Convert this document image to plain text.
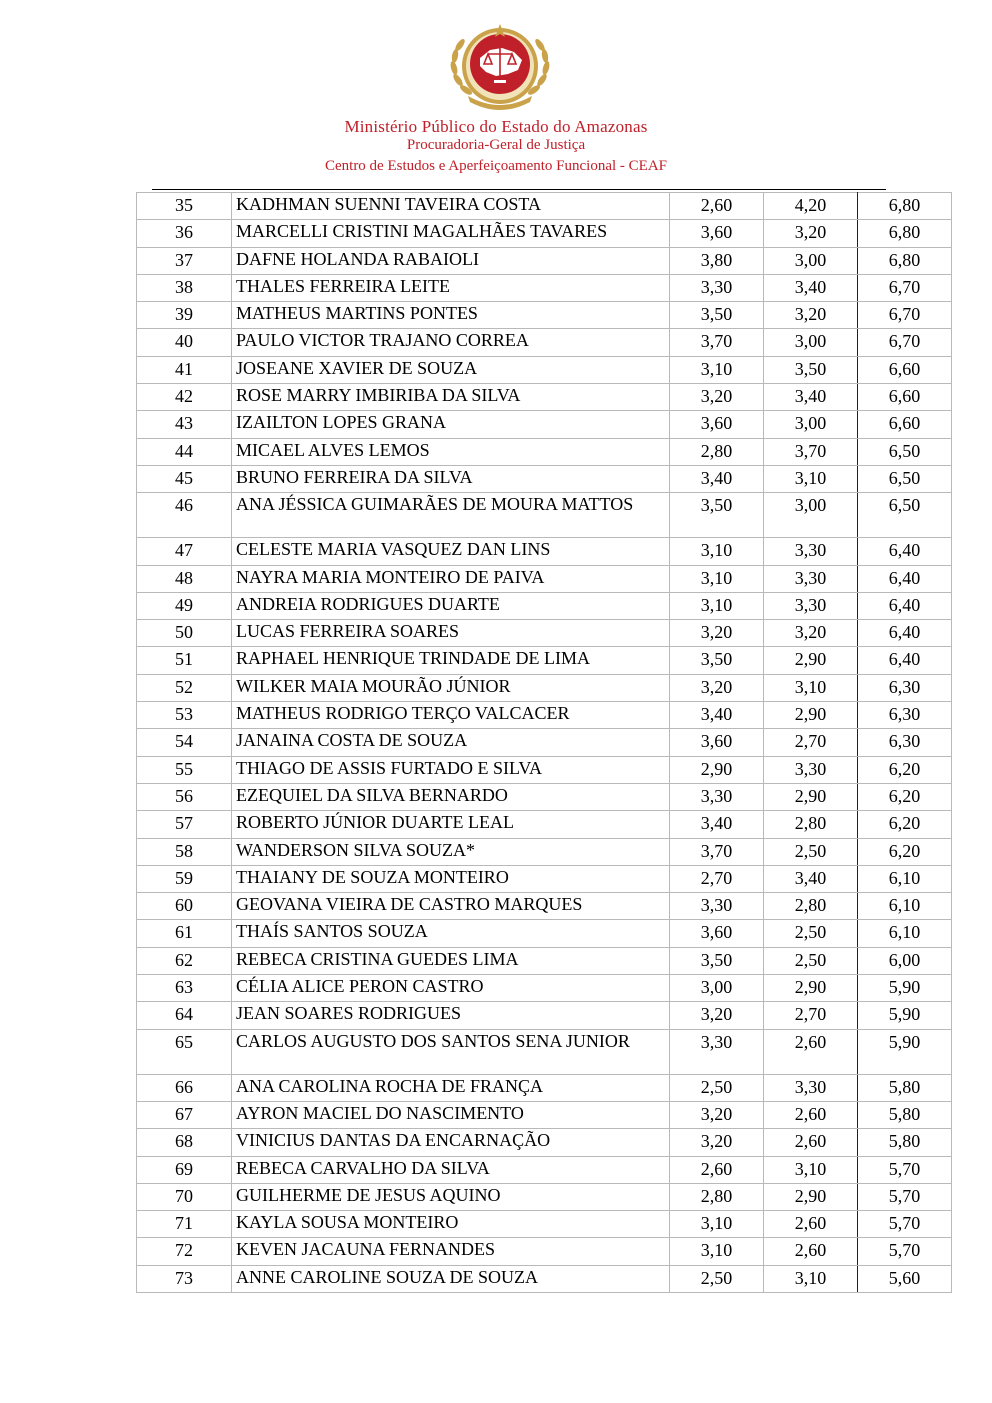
Ministério Público do Estado do Amazonas
Procuradoria-Geral de Justiça
Centro de Estudos e Aperfeiçoamento Funcional - CEAF
35	KADHMAN SUENNI TAVEIRA COSTA	2,60	4,20	6,80
36	MARCELLI CRISTINI MAGALHÃES TAVARES	3,60	3,20	6,80
37	DAFNE HOLANDA RABAIOLI	3,80	3,00	6,80
38	THALES FERREIRA LEITE	3,30	3,40	6,70
39	MATHEUS MARTINS PONTES	3,50	3,20	6,70
40	PAULO VICTOR TRAJANO CORREA	3,70	3,00	6,70
41	JOSEANE XAVIER DE SOUZA	3,10	3,50	6,60
42	ROSE MARRY IMBIRIBA DA SILVA	3,20	3,40	6,60
43	IZAILTON LOPES GRANA	3,60	3,00	6,60
44	MICAEL ALVES LEMOS	2,80	3,70	6,50
45	BRUNO FERREIRA DA SILVA	3,40	3,10	6,50
46	ANA JÉSSICA GUIMARÃES DE MOURA MATTOS	3,50	3,00	6,50
47	CELESTE MARIA VASQUEZ DAN LINS	3,10	3,30	6,40
48	NAYRA MARIA MONTEIRO DE PAIVA	3,10	3,30	6,40
49	ANDREIA RODRIGUES DUARTE	3,10	3,30	6,40
50	LUCAS FERREIRA SOARES	3,20	3,20	6,40
51	RAPHAEL HENRIQUE TRINDADE DE LIMA	3,50	2,90	6,40
52	WILKER MAIA MOURÃO JÚNIOR	3,20	3,10	6,30
53	MATHEUS RODRIGO TERÇO VALCACER	3,40	2,90	6,30
54	JANAINA COSTA DE SOUZA	3,60	2,70	6,30
55	THIAGO DE ASSIS FURTADO E SILVA	2,90	3,30	6,20
56	EZEQUIEL DA SILVA BERNARDO	3,30	2,90	6,20
57	ROBERTO JÚNIOR DUARTE LEAL	3,40	2,80	6,20
58	WANDERSON SILVA SOUZA*	3,70	2,50	6,20
59	THAIANY DE SOUZA MONTEIRO	2,70	3,40	6,10
60	GEOVANA VIEIRA DE CASTRO MARQUES	3,30	2,80	6,10
61	THAÍS SANTOS SOUZA	3,60	2,50	6,10
62	REBECA CRISTINA GUEDES LIMA	3,50	2,50	6,00
63	CÉLIA ALICE PERON CASTRO	3,00	2,90	5,90
64	JEAN SOARES RODRIGUES	3,20	2,70	5,90
65	CARLOS AUGUSTO DOS SANTOS SENA JUNIOR	3,30	2,60	5,90
66	ANA CAROLINA ROCHA DE FRANÇA	2,50	3,30	5,80
67	AYRON MACIEL DO NASCIMENTO	3,20	2,60	5,80
68	VINICIUS DANTAS DA ENCARNAÇÃO	3,20	2,60	5,80
69	REBECA CARVALHO DA SILVA	2,60	3,10	5,70
70	GUILHERME DE JESUS AQUINO	2,80	2,90	5,70
71	KAYLA SOUSA MONTEIRO	3,10	2,60	5,70
72	KEVEN JACAUNA FERNANDES	3,10	2,60	5,70
73	ANNE CAROLINE SOUZA DE SOUZA	2,50	3,10	5,60
